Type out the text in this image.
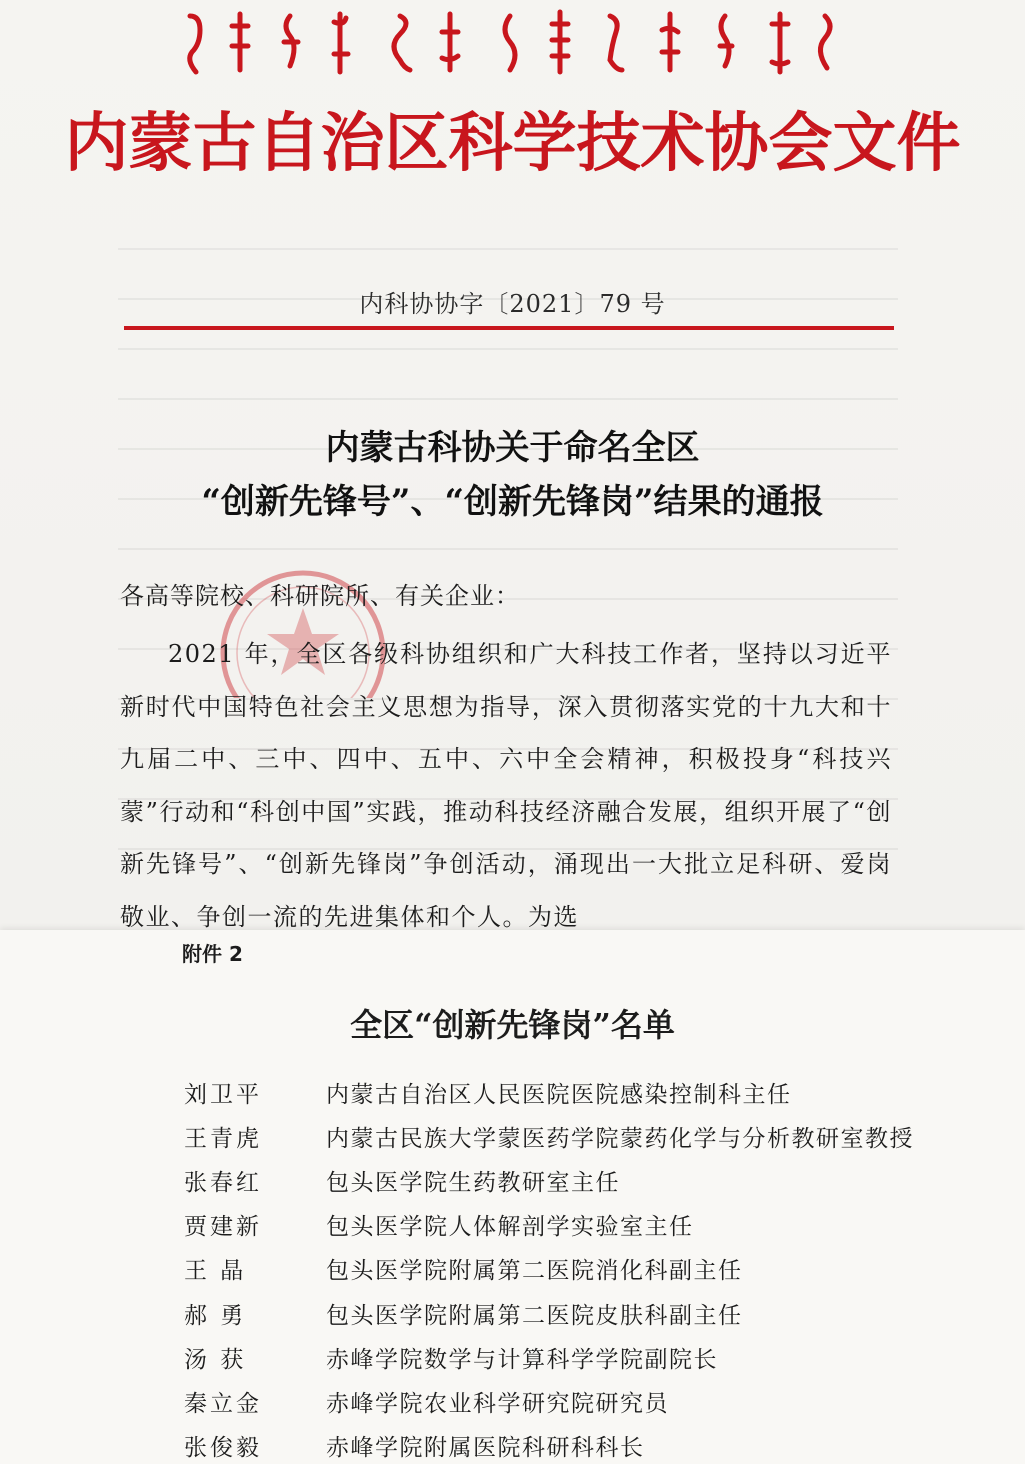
内蒙古自治区科学技术协会文件
内科协协字〔2021〕79 号
内蒙古科协关于命名全区
“创新先锋号”、“创新先锋岗”结果的通报
各高等院校、科研院所、有关企业：
2021 年，全区各级科协组织和广大科技工作者，坚持以习近平新时代中国特色社会主义思想为指导，深入贯彻落实党的十九大和十九届二中、三中、四中、五中、六中全会精神，积极投身“科技兴蒙”行动和“科创中国”实践，推动科技经济融合发展，组织开展了“创新先锋号”、“创新先锋岗”争创活动，涌现出一大批立足科研、爱岗敬业、争创一流的先进集体和个人。为选
附件 2
全区“创新先锋岗”名单
刘卫平	内蒙古自治区人民医院医院感染控制科主任
王青虎	内蒙古民族大学蒙医药学院蒙药化学与分析教研室教授
张春红	包头医学院生药教研室主任
贾建新	包头医学院人体解剖学实验室主任
王 晶	包头医学院附属第二医院消化科副主任
郝 勇	包头医学院附属第二医院皮肤科副主任
汤 获	赤峰学院数学与计算科学学院副院长
秦立金	赤峰学院农业科学研究院研究员
张俊毅	赤峰学院附属医院科研科科长
